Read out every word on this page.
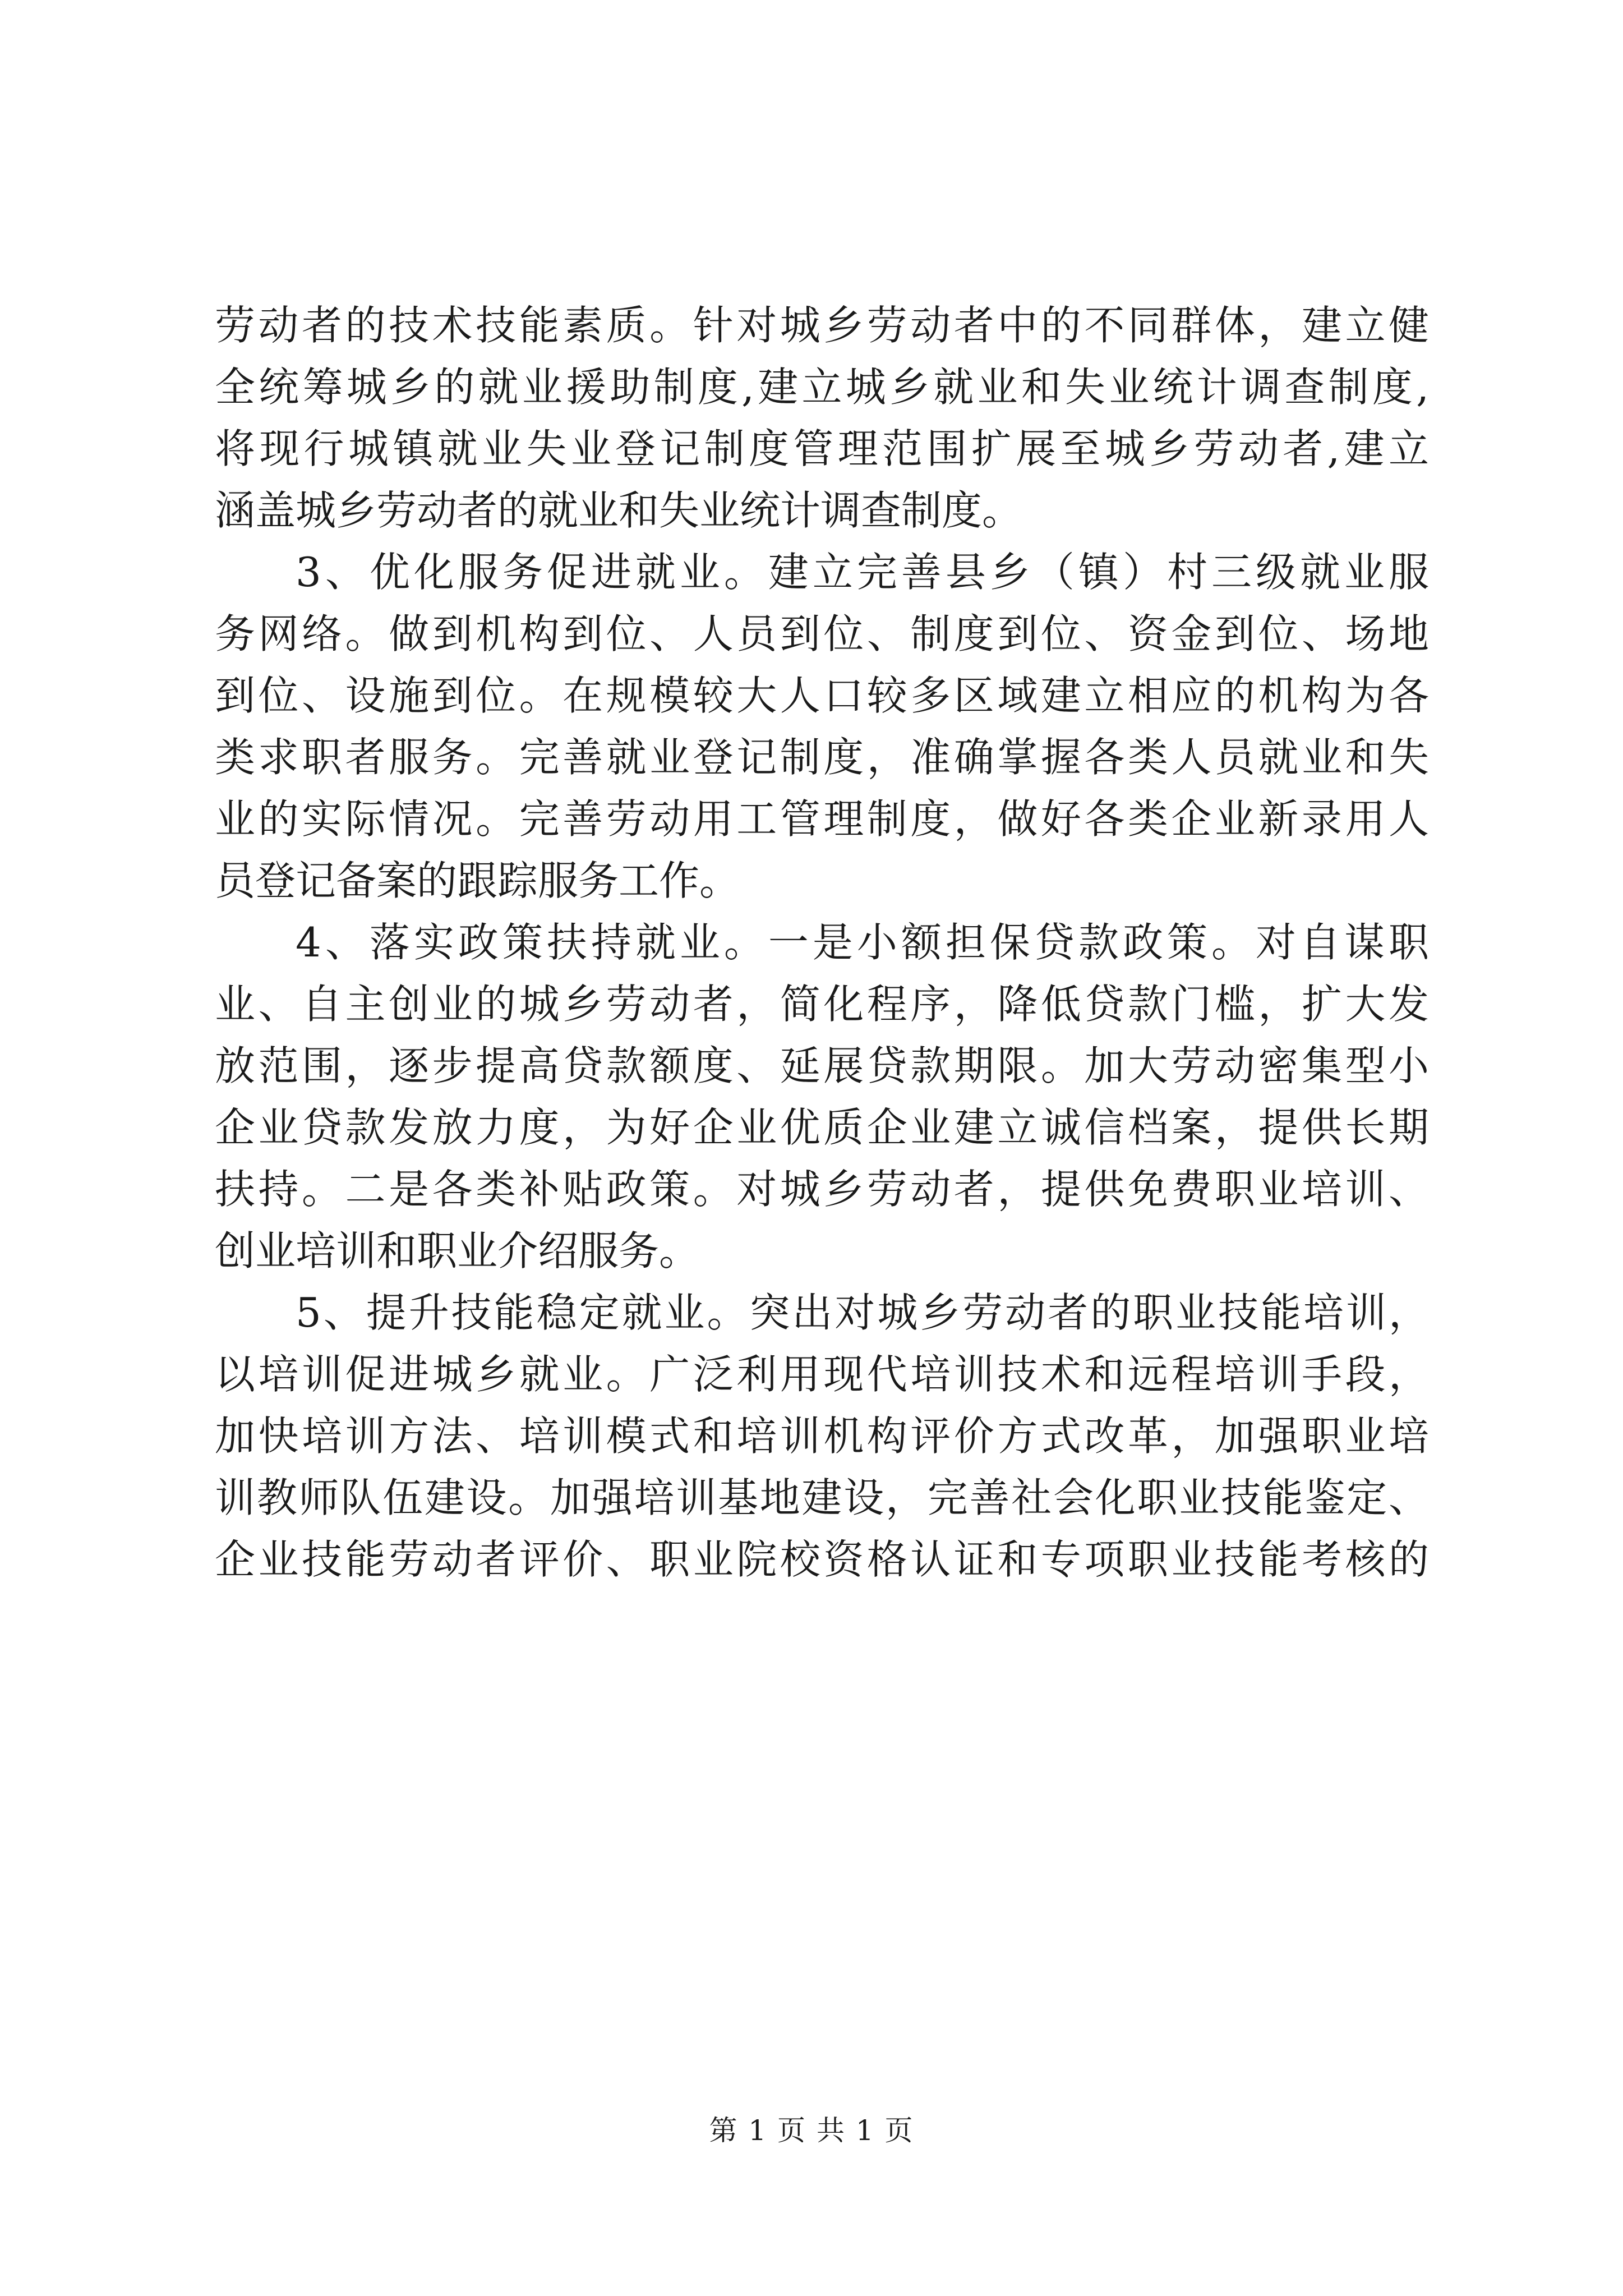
劳动者的技术技能素质。针对城乡劳动者中的不同群体，建立健
全统筹城乡的就业援助制度,建立城乡就业和失业统计调查制度,
将现行城镇就业失业登记制度管理范围扩展至城乡劳动者,建立
涵盖城乡劳动者的就业和失业统计调查制度。
3、优化服务促进就业。建立完善县乡（镇）村三级就业服
务网络。做到机构到位、人员到位、制度到位、资金到位、场地
到位、设施到位。在规模较大人口较多区域建立相应的机构为各
类求职者服务。完善就业登记制度，准确掌握各类人员就业和失
业的实际情况。完善劳动用工管理制度，做好各类企业新录用人
员登记备案的跟踪服务工作。
4、落实政策扶持就业。一是小额担保贷款政策。对自谋职
业、自主创业的城乡劳动者，简化程序，降低贷款门槛，扩大发
放范围，逐步提高贷款额度、延展贷款期限。加大劳动密集型小
企业贷款发放力度，为好企业优质企业建立诚信档案，提供长期
扶持。二是各类补贴政策。对城乡劳动者，提供免费职业培训、
创业培训和职业介绍服务。
5、提升技能稳定就业。突出对城乡劳动者的职业技能培训，
以培训促进城乡就业。广泛利用现代培训技术和远程培训手段，
加快培训方法、培训模式和培训机构评价方式改革，加强职业培
训教师队伍建设。加强培训基地建设，完善社会化职业技能鉴定、
企业技能劳动者评价、职业院校资格认证和专项职业技能考核的
第 1 页 共 1 页
